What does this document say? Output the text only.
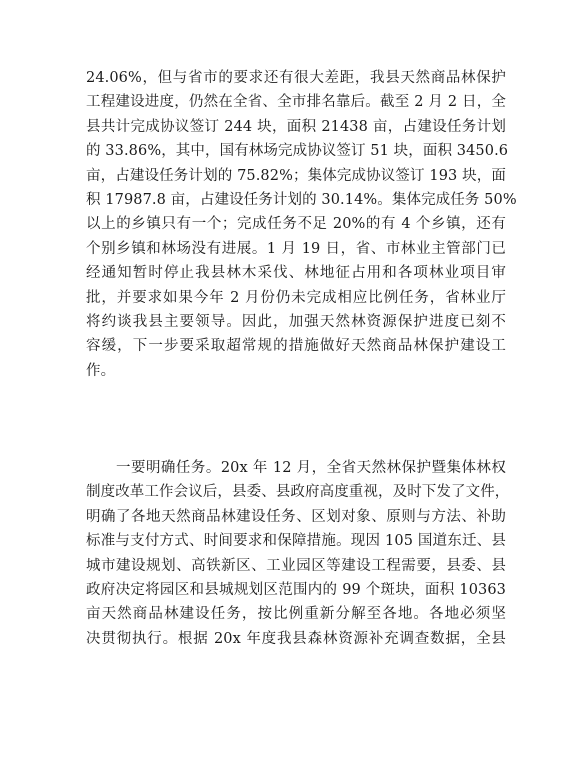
24.06%，但与省市的要求还有很大差距，我县天然商品林保护
工程建设进度，仍然在全省、全市排名靠后。截至 2 月 2 日，全
县共计完成协议签订 244 块，面积 21438 亩，占建设任务计划
的 33.86%，其中，国有林场完成协议签订 51 块，面积 3450.6
亩，占建设任务计划的 75.82%；集体完成协议签订 193 块，面
积 17987.8 亩，占建设任务计划的 30.14%。集体完成任务 50%
以上的乡镇只有一个；完成任务不足 20%的有 4 个乡镇，还有
个别乡镇和林场没有进展。1 月 19 日，省、市林业主管部门已
经通知暂时停止我县林木采伐、林地征占用和各项林业项目审
批，并要求如果今年 2 月份仍未完成相应比例任务，省林业厅
将约谈我县主要领导。因此，加强天然林资源保护进度已刻不
容缓，下一步要采取超常规的措施做好天然商品林保护建设工
作。
一要明确任务。20x 年 12 月，全省天然林保护暨集体林权
制度改革工作会议后，县委、县政府高度重视，及时下发了文件，
明确了各地天然商品林建设任务、区划对象、原则与方法、补助
标准与支付方式、时间要求和保障措施。现因 105 国道东迁、县
城市建设规划、高铁新区、工业园区等建设工程需要，县委、县
政府决定将园区和县城规划区范围内的 99 个斑块，面积 10363
亩天然商品林建设任务，按比例重新分解至各地。各地必须坚
决贯彻执行。根据 20x 年度我县森林资源补充调查数据，全县
